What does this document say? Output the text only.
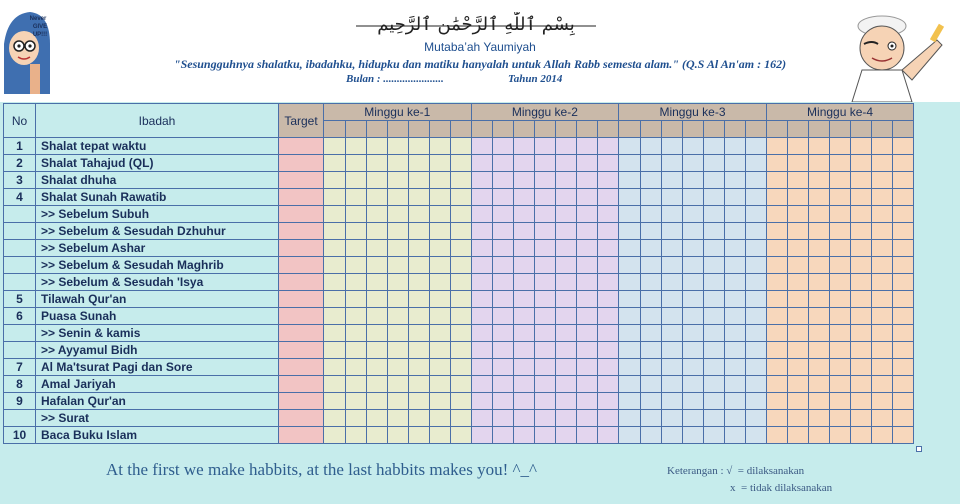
Never
GIVE
UP!!!	بِسْمِ ٱللَّٰهِ ٱلرَّحْمَٰنِ ٱلرَّحِيمِ
Mutaba’ah Yaumiyah
"Sesungguhnya shalatku, ibadahku, hidupku dan matiku hanyalah untuk Allah Rabb semesta alam." (Q.S Al An'am : 162)
Bulan : ......................	Tahun 2014
No	Ibadah	Target	Minggu ke-1							Minggu ke-2							Minggu ke-3							Minggu ke-4						

1	Shalat tepat waktu																													
2	Shalat Tahajud (QL)																													
3	Shalat dhuha																													
4	Shalat Sunah Rawatib																													
	>> Sebelum Subuh																													
	>> Sebelum & Sesudah Dzhuhur																													
	>> Sebelum Ashar																													
	>> Sebelum & Sesudah Maghrib																													
	>> Sebelum & Sesudah 'Isya																													
5	Tilawah Qur'an																													
6	Puasa Sunah																													
	>> Senin & kamis																													
	>> Ayyamul Bidh																													
7	Al Ma'tsurat Pagi dan Sore																													
8	Amal Jariyah																													
9	Hafalan Qur'an																													
	>> Surat																													
10	Baca Buku Islam																													
At the first we make habbits, at the last habbits makes you! ^_^	Keterangan : √  = dilaksanakan
x  = tidak dilaksanakan
